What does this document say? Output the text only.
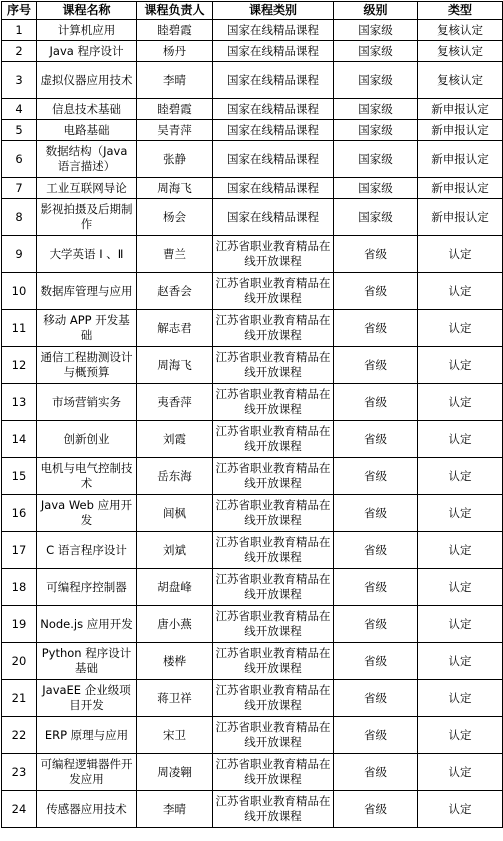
序号	课程名称	课程负责人	课程类别	级别	类型
1	计算机应用	睦碧霞	国家在线精品课程	国家级	复核认定
2	Java 程序设计	杨丹	国家在线精品课程	国家级	复核认定
3	虚拟仪器应用技术	李晴	国家在线精品课程	国家级	复核认定
4	信息技术基础	睦碧霞	国家在线精品课程	国家级	新申报认定
5	电路基础	吴青萍	国家在线精品课程	国家级	新申报认定
6	数据结构（Java 语言描述）	张静	国家在线精品课程	国家级	新申报认定
7	工业互联网导论	周海飞	国家在线精品课程	国家级	新申报认定
8	影视拍摄及后期制作	杨会	国家在线精品课程	国家级	新申报认定
9	大学英语 Ⅰ 、Ⅱ	曹兰	江苏省职业教育精品在线开放课程	省级	认定
10	数据库管理与应用	赵香会	江苏省职业教育精品在线开放课程	省级	认定
11	移动 APP 开发基础	解志君	江苏省职业教育精品在线开放课程	省级	认定
12	通信工程勘测设计与概预算	周海飞	江苏省职业教育精品在线开放课程	省级	认定
13	市场营销实务	夷香萍	江苏省职业教育精品在线开放课程	省级	认定
14	创新创业	刘霞	江苏省职业教育精品在线开放课程	省级	认定
15	电机与电气控制技术	岳东海	江苏省职业教育精品在线开放课程	省级	认定
16	Java Web 应用开发	闾枫	江苏省职业教育精品在线开放课程	省级	认定
17	C 语言程序设计	刘斌	江苏省职业教育精品在线开放课程	省级	认定
18	可编程序控制器	胡盘峰	江苏省职业教育精品在线开放课程	省级	认定
19	Node.js 应用开发	唐小燕	江苏省职业教育精品在线开放课程	省级	认定
20	Python 程序设计基础	楼桦	江苏省职业教育精品在线开放课程	省级	认定
21	JavaEE 企业级项目开发	蒋卫祥	江苏省职业教育精品在线开放课程	省级	认定
22	ERP 原理与应用	宋卫	江苏省职业教育精品在线开放课程	省级	认定
23	可编程逻辑器件开发应用	周凌翱	江苏省职业教育精品在线开放课程	省级	认定
24	传感器应用技术	李晴	江苏省职业教育精品在线开放课程	省级	认定
